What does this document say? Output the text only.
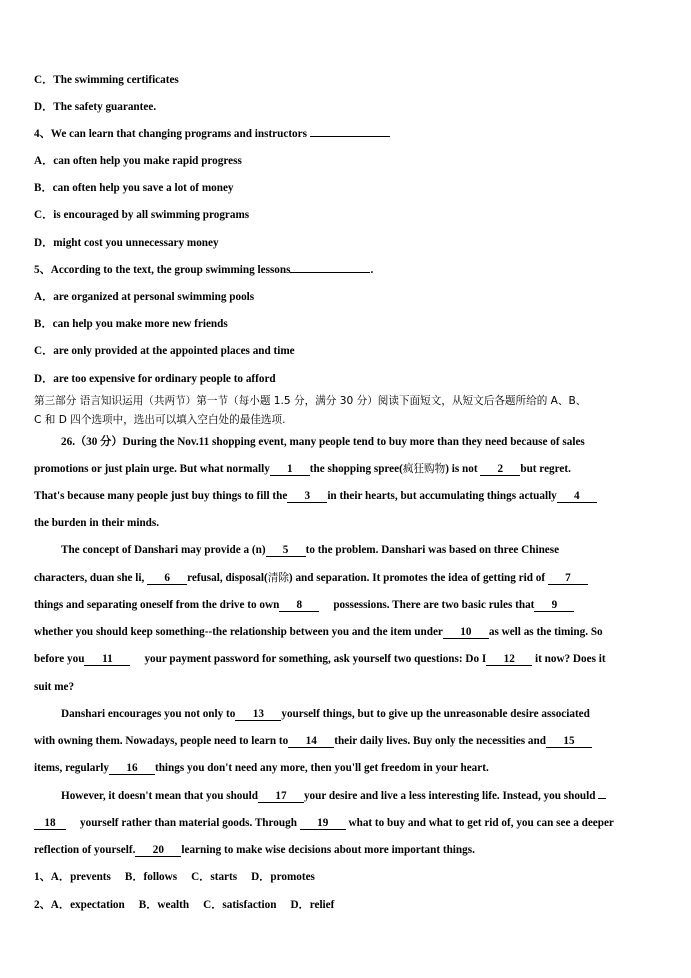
C．The swimming certificates
D．The safety guarantee.
4、We can learn that changing programs and instructors
A．can often help you make rapid progress
B．can often help you save a lot of money
C．is encouraged by all swimming programs
D．might cost you unnecessary money
5、According to the text, the group swimming lessons	.
A．are organized at personal swimming pools
B．can help you make more new friends
C．are only provided at the appointed places and time
D．are too expensive for ordinary people to afford
第三部分 语言知识运用（共两节）第一节（每小题 1.5 分，满分 30 分）阅读下面短文，从短文后各题所给的 A、B、
C 和 D 四个选项中，选出可以填入空白处的最佳选项.
26.（30 分）During the Nov.11 shopping event, many people tend to buy more than they need because of sales
promotions or just plain urge. But what normally 1 the shopping spree(疯狂购物) is not 2 but regret.
That's because many people just buy things to fill the 3 in their hearts, but accumulating things actually 4
the burden in their minds.
The concept of Danshari may provide a (n) 5 to the problem. Danshari was based on three Chinese
characters, duan she li, 6 refusal, disposal(清除) and separation. It promotes the idea of getting rid of 7
things and separating oneself from the drive to own 8	possessions. There are two basic rules that 9
whether you should keep something--the relationship between you and the item under 10 as well as the timing. So
before you 11	your payment password for something, ask yourself two questions: Do I 12 it now? Does it
suit me?
Danshari encourages you not only to 13 yourself things, but to give up the unreasonable desire associated
with owning them. Nowadays, people need to learn to 14 their daily lives. Buy only the necessities and 15
items, regularly 16 things you don't need any more, then you'll get freedom in your heart.
However, it doesn't mean that you should 17 your desire and live a less interesting life. Instead, you should
18 yourself rather than material goods. Through 19 what to buy and what to get rid of, you can see a deeper
reflection of yourself. 20 learning to make wise decisions about more important things.
1、A．prevents B．follows C．starts D．promotes
2、A．expectation B．wealth C．satisfaction D．relief
